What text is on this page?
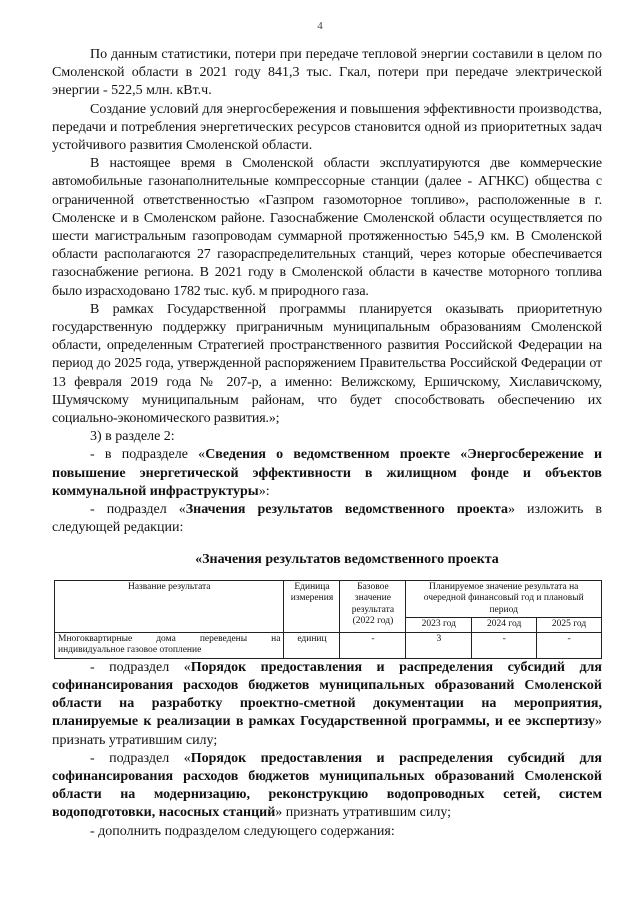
4

По данным статистики, потери при передаче тепловой энергии составили в целом по Смоленской области в 2021 году 841,3 тыс. Гкал, потери при передаче электрической энергии - 522,5 млн. кВт.ч.

Создание условий для энергосбережения и повышения эффективности производства, передачи и потребления энергетических ресурсов становится одной из приоритетных задач устойчивого развития Смоленской области.

В настоящее время в Смоленской области эксплуатируются две коммерческие автомобильные газонаполнительные компрессорные станции (далее - АГНКС) общества с ограниченной ответственностью «Газпром газомоторное топливо», расположенные в г. Смоленске и в Смоленском районе. Газоснабжение Смоленской области осуществляется по шести магистральным газопроводам суммарной протяженностью 545,9 км. В Смоленской области располагаются 27 газораспределительных станций, через которые обеспечивается газоснабжение региона. В 2021 году в Смоленской области в качестве моторного топлива было израсходовано 1782 тыс. куб. м природного газа.

В рамках Государственной программы планируется оказывать приоритетную государственную поддержку приграничным муниципальным образованиям Смоленской области, определенным Стратегией пространственного развития Российской Федерации на период до 2025 года, утвержденной распоряжением Правительства Российской Федерации от 13 февраля 2019 года № 207-р, а именно: Велижскому, Ершичскому, Хиславичскому, Шумячскому муниципальным районам, что будет способствовать обеспечению их социально-экономического развития.»;

3) в разделе 2:

- в подразделе «Сведения о ведомственном проекте «Энергосбережение и повышение энергетической эффективности в жилищном фонде и объектов коммунальной инфраструктуры»:

- подраздел «Значения результатов ведомственного проекта» изложить в следующей редакции:

«Значения результатов ведомственного проекта
Название результата	Единица измерения	Базовое значение результата (2022 год)	Планируемое значение результата на очередной финансовый год и плановый период		
			2023 год	2024 год	2025 год
Многоквартирные дома переведены на индивидуальное газовое отопление	единиц	-	3	-	-

- подраздел «Порядок предоставления и распределения субсидий для софинансирования расходов бюджетов муниципальных образований Смоленской области на разработку проектно-сметной документации на мероприятия, планируемые к реализации в рамках Государственной программы, и ее экспертизу» признать утратившим силу;

- подраздел «Порядок предоставления и распределения субсидий для софинансирования расходов бюджетов муниципальных образований Смоленской области на модернизацию, реконструкцию водопроводных сетей, систем водоподготовки, насосных станций» признать утратившим силу;

- дополнить подразделом следующего содержания:
